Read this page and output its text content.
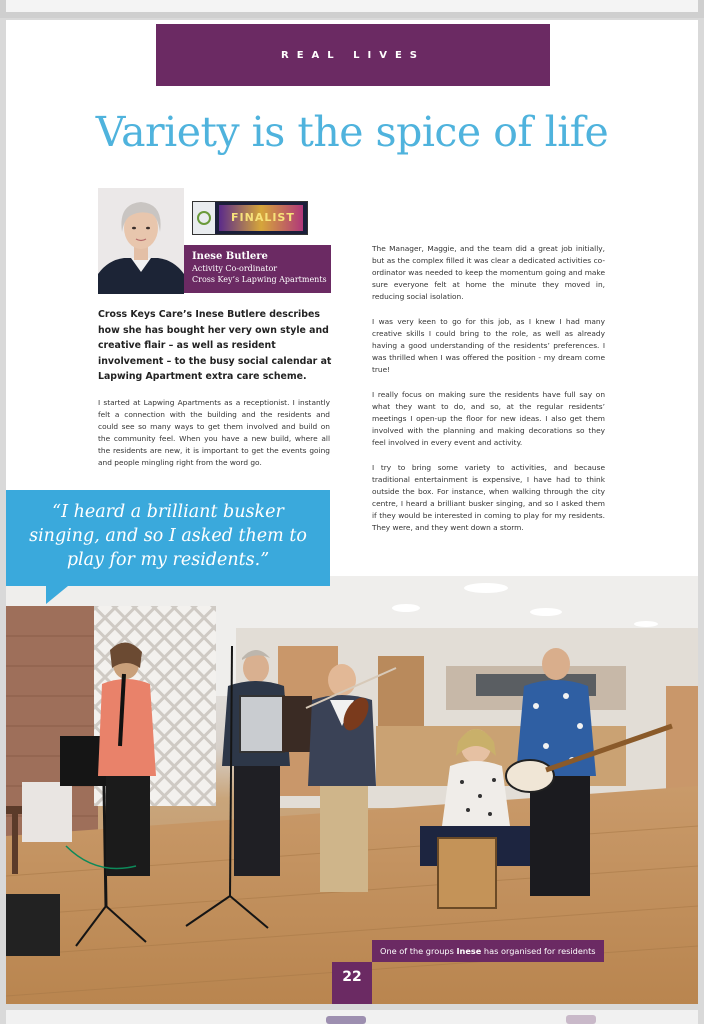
REAL LIVES
Variety is the spice of life
FINALIST
Inese Butlere
Activity Co-ordinator
Cross Key’s Lapwing Apartments

Cross Keys Care’s Inese Butlere describes how she has bought her very own style and creative flair – as well as resident involvement – to the busy social calendar at Lapwing Apartment extra care scheme.

I started at Lapwing Apartments as a receptionist. I instantly felt a connection with the building and the residents and could see so many ways to get them involved and build on the community feel. When you have a new build, where all the residents are new, it is important to get the events going and people mingling right from the word go.

The Manager, Maggie, and the team did a great job initially, but as the complex filled it was clear a dedicated activities co-ordinator was needed to keep the momentum going and make sure everyone felt at home the minute they moved in, reducing social isolation.

I was very keen to go for this job, as I knew I had many creative skills I could bring to the role, as well as already having a good understanding of the residents’ preferences. I was thrilled when I was offered the position - my dream come true!

I really focus on making sure the residents have full say on what they want to do, and so, at the regular residents’ meetings I open-up the floor for new ideas. I also get them involved with the planning and making decorations so they feel involved in every event and activity.

I try to bring some variety to activities, and because traditional entertainment is expensive, I have had to think outside the box. For instance, when walking through the city centre, I heard a brilliant busker singing, and so I asked them if they would be interested in coming to play for my residents. They were, and they went down a storm.

“I heard a brilliant busker singing, and so I asked them to play for my residents.”

One of the groups Inese has organised for residents
22
